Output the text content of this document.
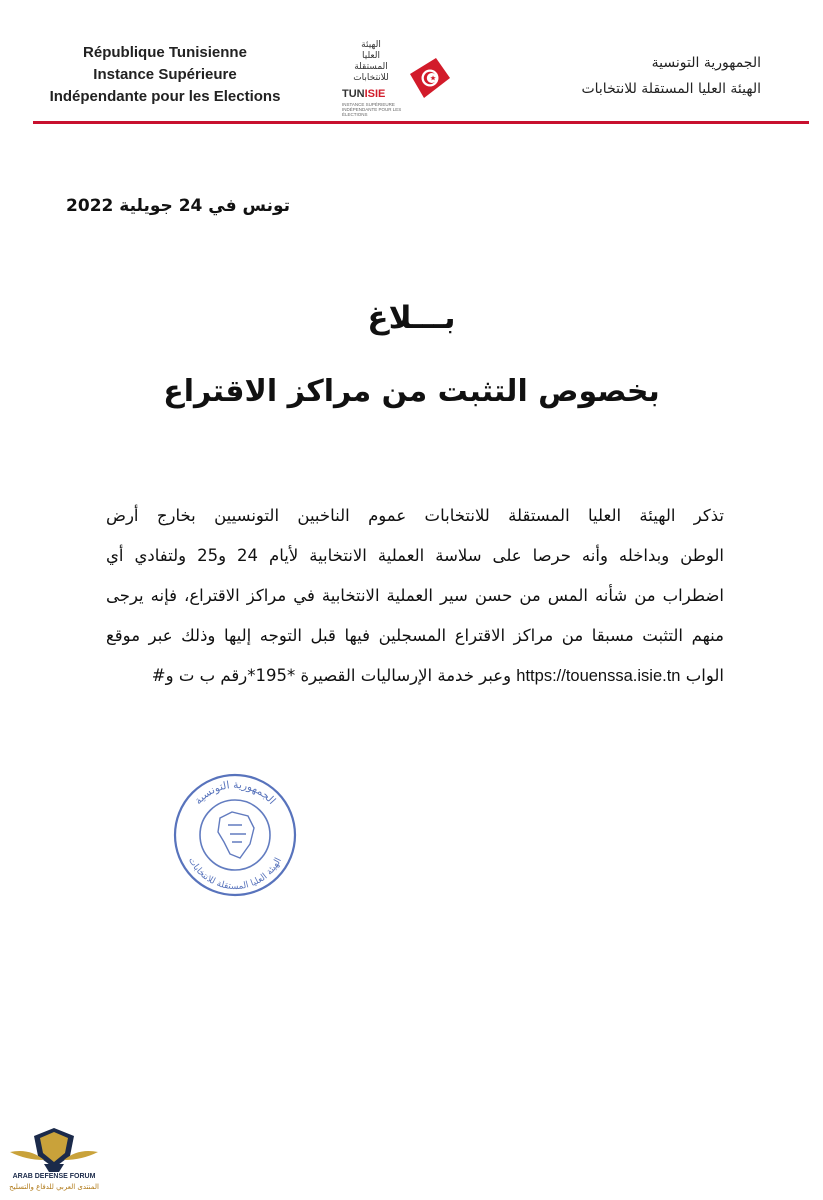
République Tunisienne
Instance Supérieure
Indépendante pour les Elections
الهيئة
العليا
المستقلة
للانتخابات
TUNISIE
INSTANCE SUPÉRIEURE INDÉPENDANTE POUR LES ÉLECTIONS
الجمهورية التونسية
الهيئة العليا المستقلة للانتخابات
تونس في 24 جويلية 2022
بـــلاغ
بخصوص التثبت من مراكز الاقتراع
تذكر الهيئة العليا المستقلة للانتخابات عموم الناخبين التونسيين بخارج أرض
الوطن وبداخله وأنه حرصا على سلاسة العملية الانتخابية لأيام 24 و25 ولتفادي أي
اضطراب من شأنه المس من حسن سير العملية الانتخابية في مراكز الاقتراع، فإنه يرجى
منهم التثبت مسبقا من مراكز الاقتراع المسجلين فيها قبل التوجه إليها وذلك عبر موقع
الواب https://touenssa.isie.tn وعبر خدمة الإرساليات القصيرة *195*رقم ب ت و#
الجمهورية التونسية
الهيئة العليا المستقلة للانتخابات
ARAB DEFENSE FORUM
المنتدى العربي للدفاع والتسليح
